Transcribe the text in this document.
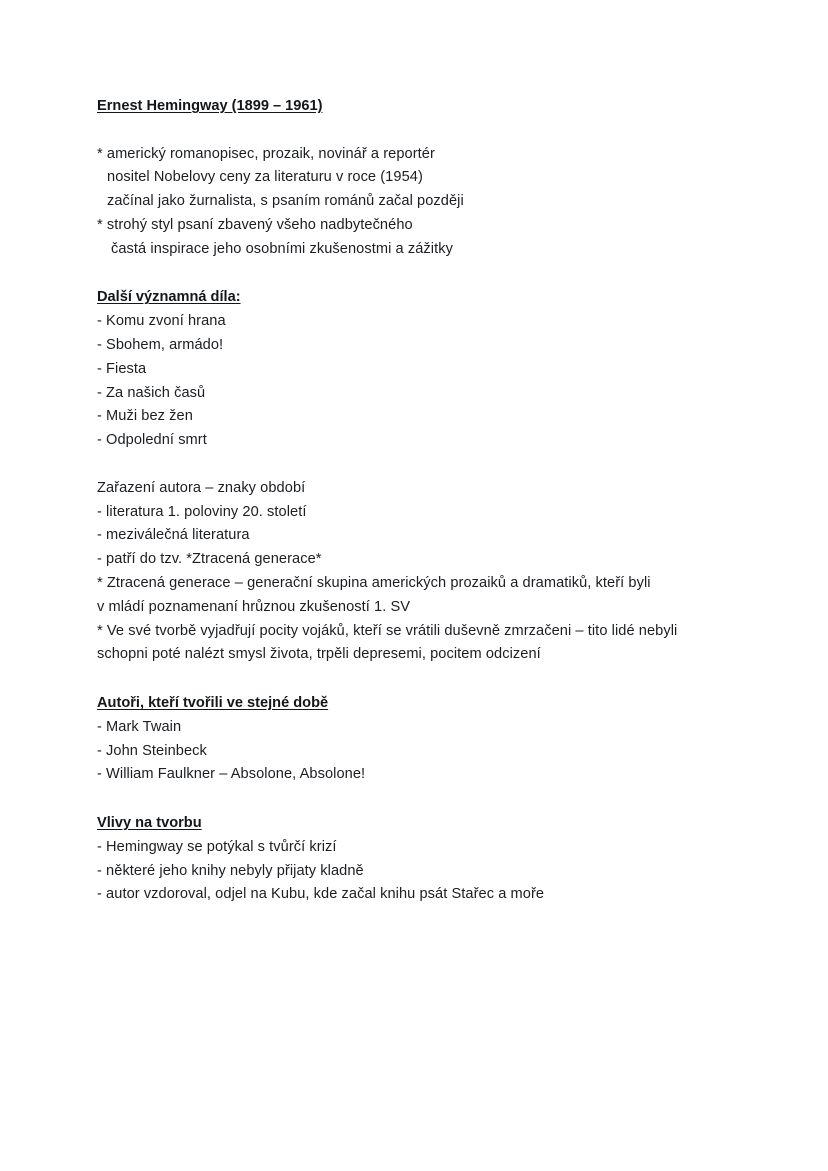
Ernest Hemingway (1899 – 1961)
* americký romanopisec, prozaik, novinář a reportér
nositel Nobelovy ceny za literaturu v roce (1954)
začínal jako žurnalista, s psaním románů začal později
* strohý styl psaní zbavený všeho nadbytečného
častá inspirace jeho osobními zkušenostmi a zážitky
Další významná díla:
- Komu zvoní hrana
- Sbohem, armádo!
- Fiesta
- Za našich časů
- Muži bez žen
- Odpolední smrt
Zařazení autora – znaky období
- literatura 1. poloviny 20. století
- meziválečná literatura
- patří do tzv. *Ztracená generace*
* Ztracená generace – generační skupina amerických prozaiků a dramatiků, kteří byli
v mládí poznamenaní hrůznou zkušeností 1. SV
* Ve své tvorbě vyjadřují pocity vojáků, kteří se vrátili duševně zmrzačeni – tito lidé nebyli
schopni poté nalézt smysl života, trpěli depresemi, pocitem odcizení
Autoři, kteří tvořili ve stejné době
- Mark Twain
- John Steinbeck
- William Faulkner – Absolone, Absolone!
Vlivy na tvorbu
- Hemingway se potýkal s tvůrčí krizí
- některé jeho knihy nebyly přijaty kladně
- autor vzdoroval, odjel na Kubu, kde začal knihu psát Stařec a moře
